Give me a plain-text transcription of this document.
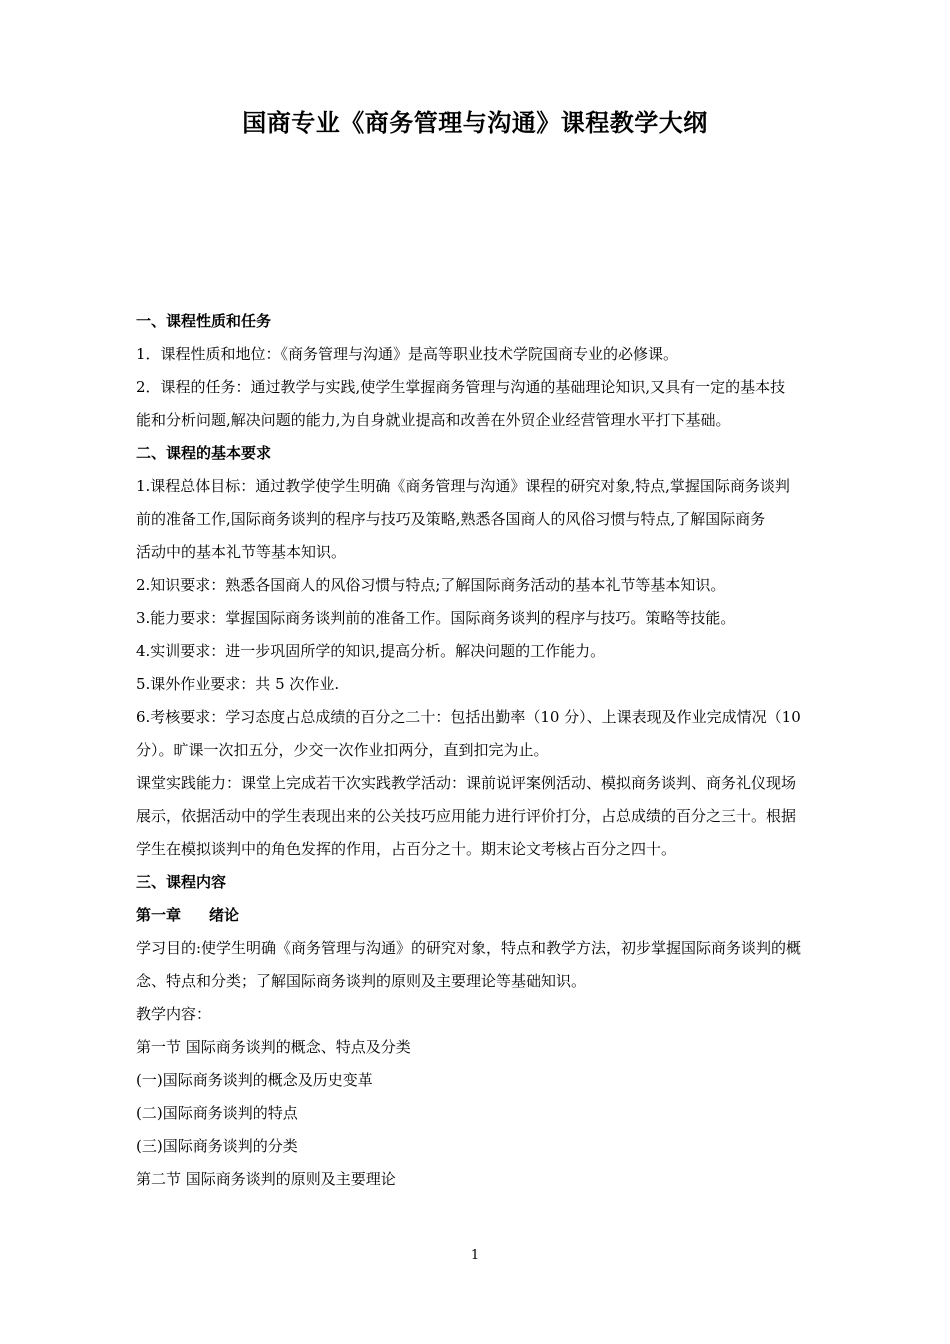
国商专业《商务管理与沟通》课程教学大纲

一、课程性质和任务

1．课程性质和地位：《商务管理与沟通》是高等职业技术学院国商专业的必修课。

2．课程的任务：通过教学与实践,使学生掌握商务管理与沟通的基础理论知识,又具有一定的基本技

能和分析问题,解决问题的能力,为自身就业提高和改善在外贸企业经营管理水平打下基础。

二、课程的基本要求

1.课程总体目标：通过教学使学生明确《商务管理与沟通》课程的研究对象,特点,掌握国际商务谈判

前的准备工作,国际商务谈判的程序与技巧及策略,熟悉各国商人的风俗习惯与特点,了解国际商务

活动中的基本礼节等基本知识。

2.知识要求：熟悉各国商人的风俗习惯与特点;了解国际商务活动的基本礼节等基本知识。

3.能力要求：掌握国际商务谈判前的准备工作。国际商务谈判的程序与技巧。策略等技能。

4.实训要求：进一步巩固所学的知识,提高分析。解决问题的工作能力。

5.课外作业要求：共 5 次作业.

6.考核要求：学习态度占总成绩的百分之二十：包括出勤率（10 分）、上课表现及作业完成情况（10

分）。旷课一次扣五分，少交一次作业扣两分，直到扣完为止。

课堂实践能力：课堂上完成若干次实践教学活动：课前说评案例活动、模拟商务谈判、商务礼仪现场

展示，依据活动中的学生表现出来的公关技巧应用能力进行评价打分，占总成绩的百分之三十。根据

学生在模拟谈判中的角色发挥的作用，占百分之十。期末论文考核占百分之四十。

三、课程内容

第一章 绪论

学习目的:使学生明确《商务管理与沟通》的研究对象，特点和教学方法，初步掌握国际商务谈判的概

念、特点和分类；了解国际商务谈判的原则及主要理论等基础知识。

教学内容：

第一节 国际商务谈判的概念、特点及分类

(一)国际商务谈判的概念及历史变革

(二)国际商务谈判的特点

(三)国际商务谈判的分类

第二节 国际商务谈判的原则及主要理论

1
